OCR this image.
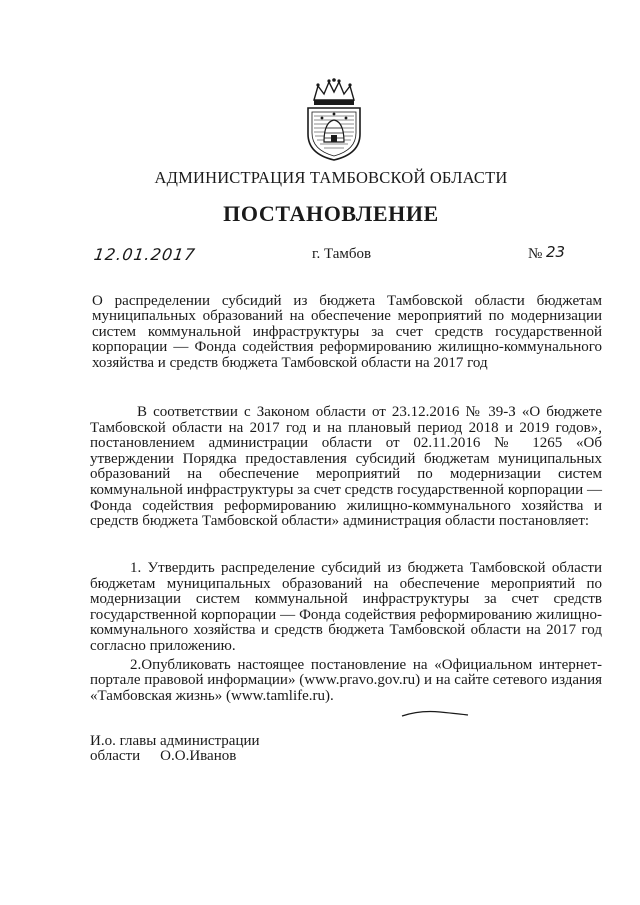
АДМИНИСТРАЦИЯ ТАМБОВСКОЙ ОБЛАСТИ
ПОСТАНОВЛЕНИЕ
12.01.2017	г. Тамбов	№ 23

О распределении субсидий из бюджета Тамбовской области бюджетам муниципальных образований на обеспечение мероприятий по модернизации систем коммунальной инфраструктуры за счет средств государственной корпорации — Фонда содействия реформированию жилищно-коммунального хозяйства и средств бюджета Тамбовской области на 2017 год

В соответствии с Законом области от 23.12.2016 № 39-З «О бюджете Тамбовской области на 2017 год и на плановый период 2018 и 2019 годов», постановлением администрации области от 02.11.2016 № 1265 «Об утверждении Порядка предоставления субсидий бюджетам муниципальных образований на обеспечение мероприятий по модернизации систем коммунальной инфраструктуры за счет средств государственной корпорации — Фонда содействия реформированию жилищно-коммунального хозяйства и средств бюджета Тамбовской области» администрация области постановляет:

1. Утвердить распределение субсидий из бюджета Тамбовской области бюджетам муниципальных образований на обеспечение мероприятий по модернизации систем коммунальной инфраструктуры за счет средств государственной корпорации — Фонда содействия реформированию жилищно-коммунального хозяйства и средств бюджета Тамбовской области на 2017 год согласно приложению.

2.Опубликовать настоящее постановление на «Официальном интернет-портале правовой информации» (www.pravo.gov.ru) и на сайте сетевого издания «Тамбовская жизнь» (www.tamlife.ru).

И.о. главы администрации
области О.О.Иванов
